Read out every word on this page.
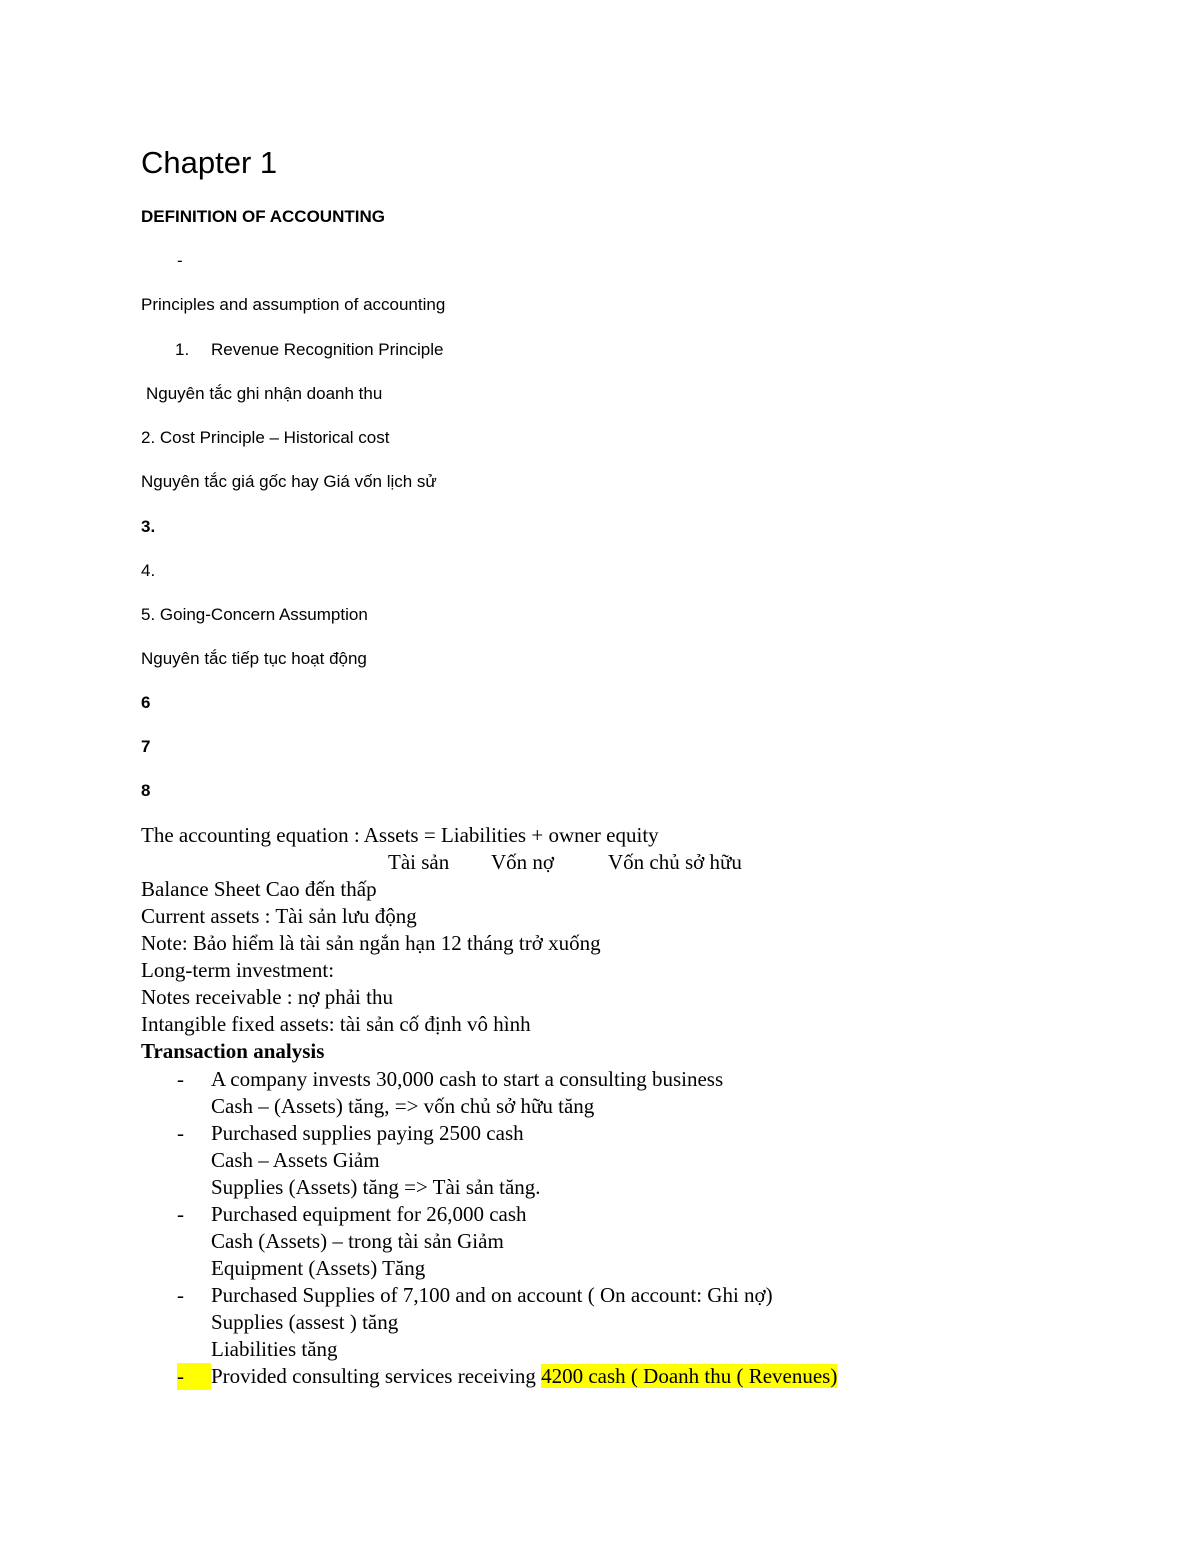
Chapter 1
DEFINITION OF ACCOUNTING
-
Principles and assumption of accounting
1. Revenue Recognition Principle
Nguyên tắc ghi nhận doanh thu
2. Cost Principle – Historical cost
Nguyên tắc giá gốc hay Giá vốn lịch sử
3.
4.
5. Going-Concern Assumption
Nguyên tắc tiếp tục hoạt động
6
7
8
The accounting equation : Assets = Liabilities + owner equity
Tài sản Vốn nợ	Vốn chủ sở hữu
Balance Sheet Cao đến thấp
Current assets : Tài sản lưu động
Note: Bảo hiểm là tài sản ngắn hạn 12 tháng trở xuống
Long-term investment:
Notes receivable : nợ phải thu
Intangible fixed assets: tài sản cố định vô hình
Transaction analysis
- A company invests 30,000 cash to start a consulting business
Cash – (Assets) tăng, => vốn chủ sở hữu tăng
- Purchased supplies paying 2500 cash
Cash – Assets Giảm
Supplies (Assets) tăng => Tài sản tăng.
- Purchased equipment for 26,000 cash
Cash (Assets) – trong tài sản Giảm
Equipment (Assets) Tăng
- Purchased Supplies of 7,100 and on account ( On account: Ghi nợ)
Supplies (assest ) tăng
Liabilities tăng
-	Provided consulting services receiving 4200 cash ( Doanh thu ( Revenues)
